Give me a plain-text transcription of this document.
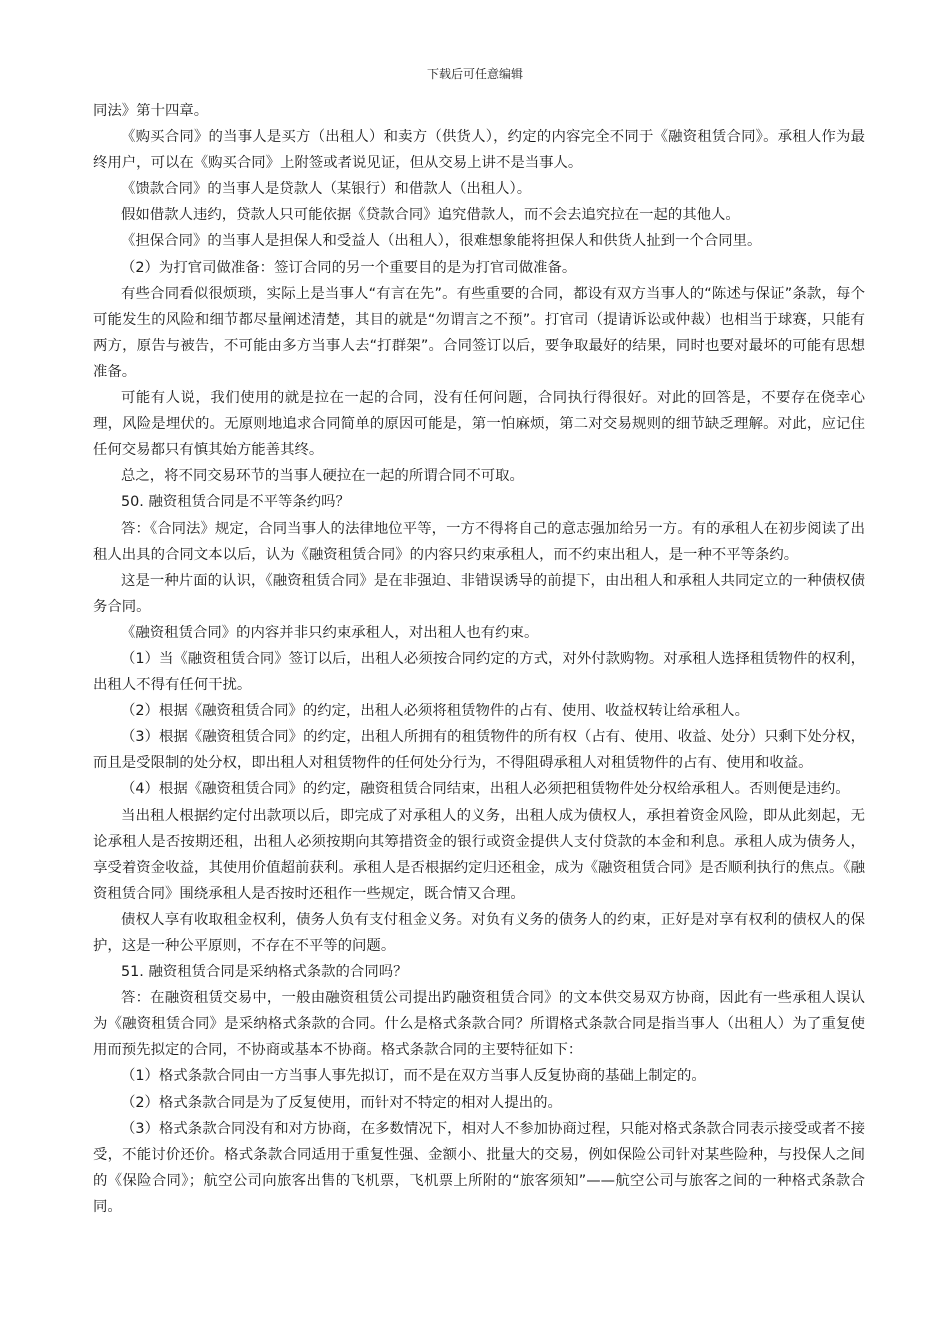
下载后可任意编辑

同法》第十四章。

《购买合同》的当事人是买方（出租人）和卖方（供货人），约定的内容完全不同于《融资租赁合同》。承租人作为最终用户，可以在《购买合同》上附签或者说见证，但从交易上讲不是当事人。

《馈款合同》的当事人是贷款人（某银行）和借款人（出租人）。

假如借款人违约，贷款人只可能依据《贷款合同》追究借款人，而不会去追究拉在一起的其他人。

《担保合同》的当事人是担保人和受益人（出租人），很难想象能将担保人和供货人扯到一个合同里。

（2）为打官司做准备：签订合同的另一个重要目的是为打官司做准备。

有些合同看似很烦琐，实际上是当事人“有言在先”。有些重要的合同，都设有双方当事人的“陈述与保证”条款，每个可能发生的风险和细节都尽量阐述清楚，其目的就是“勿谓言之不预”。打官司（提请诉讼或仲裁）也相当于球赛，只能有两方，原告与被告，不可能由多方当事人去“打群架”。合同签订以后，要争取最好的结果，同时也要对最坏的可能有思想准备。

可能有人说，我们使用的就是拉在一起的合同，没有任何问题，合同执行得很好。对此的回答是，不要存在侥幸心理，风险是埋伏的。无原则地追求合同简单的原因可能是，第一怕麻烦，第二对交易规则的细节缺乏理解。对此，应记住任何交易都只有慎其始方能善其终。

总之，将不同交易环节的当事人硬拉在一起的所谓合同不可取。

50. 融资租赁合同是不平等条约吗？

答：《合同法》规定，合同当事人的法律地位平等，一方不得将自己的意志强加给另一方。有的承租人在初步阅读了出租人出具的合同文本以后，认为《融资租赁合同》的内容只约束承租人，而不约束出租人，是一种不平等条约。

这是一种片面的认识，《融资租赁合同》是在非强迫、非错误诱导的前提下，由出租人和承租人共同定立的一种债权债务合同。

《融资租赁合同》的内容并非只约束承租人，对出租人也有约束。

（1）当《融资租赁合同》签订以后，出租人必须按合同约定的方式，对外付款购物。对承租人选择租赁物件的权利，出租人不得有任何干扰。

（2）根据《融资租赁合同》的约定，出租人必须将租赁物件的占有、使用、收益权转让给承租人。

（3）根据《融资租赁合同》的约定，出租人所拥有的租赁物件的所有权（占有、使用、收益、处分）只剩下处分权，而且是受限制的处分权，即出租人对租赁物件的任何处分行为，不得阻碍承租人对租赁物件的占有、使用和收益。

（4）根据《融资租赁合同》的约定，融资租赁合同结束，出租人必须把租赁物件处分权给承租人。否则便是违约。

当出租人根据约定付出款项以后，即完成了对承租人的义务，出租人成为债权人，承担着资金风险，即从此刻起，无论承租人是否按期还租，出租人必须按期向其筹措资金的银行或资金提供人支付贷款的本金和利息。承租人成为债务人，享受着资金收益，其使用价值超前获利。承租人是否根据约定归还租金，成为《融资租赁合同》是否顺利执行的焦点。《融资租赁合同》围绕承租人是否按时还租作一些规定，既合情又合理。

债权人享有收取租金权利，债务人负有支付租金义务。对负有义务的债务人的约束，正好是对享有权利的债权人的保护，这是一种公平原则，不存在不平等的问题。

51. 融资租赁合同是采纳格式条款的合同吗？

答：在融资租赁交易中，一般由融资租赁公司提出趵融资租赁合同》的文本供交易双方协商，因此有一些承租人误认为《融资租赁合同》是采纳格式条款的合同。什么是格式条款合同？所谓格式条款合同是指当事人（出租人）为了重复使用而预先拟定的合同，不协商或基本不协商。格式条款合同的主要特征如下：

（1）格式条款合同由一方当事人事先拟订，而不是在双方当事人反复协商的基础上制定的。

（2）格式条款合同是为了反复使用，而针对不特定的相对人提出的。

（3）格式条款合同没有和对方协商，在多数情况下，相对人不参加协商过程，只能对格式条款合同表示接受或者不接受，不能讨价还价。格式条款合同适用于重复性强、金额小、批量大的交易，例如保险公司针对某些险种，与投保人之间的《保险合同》；航空公司向旅客出售的飞机票，飞机票上所附的“旅客须知”——航空公司与旅客之间的一种格式条款合同。
